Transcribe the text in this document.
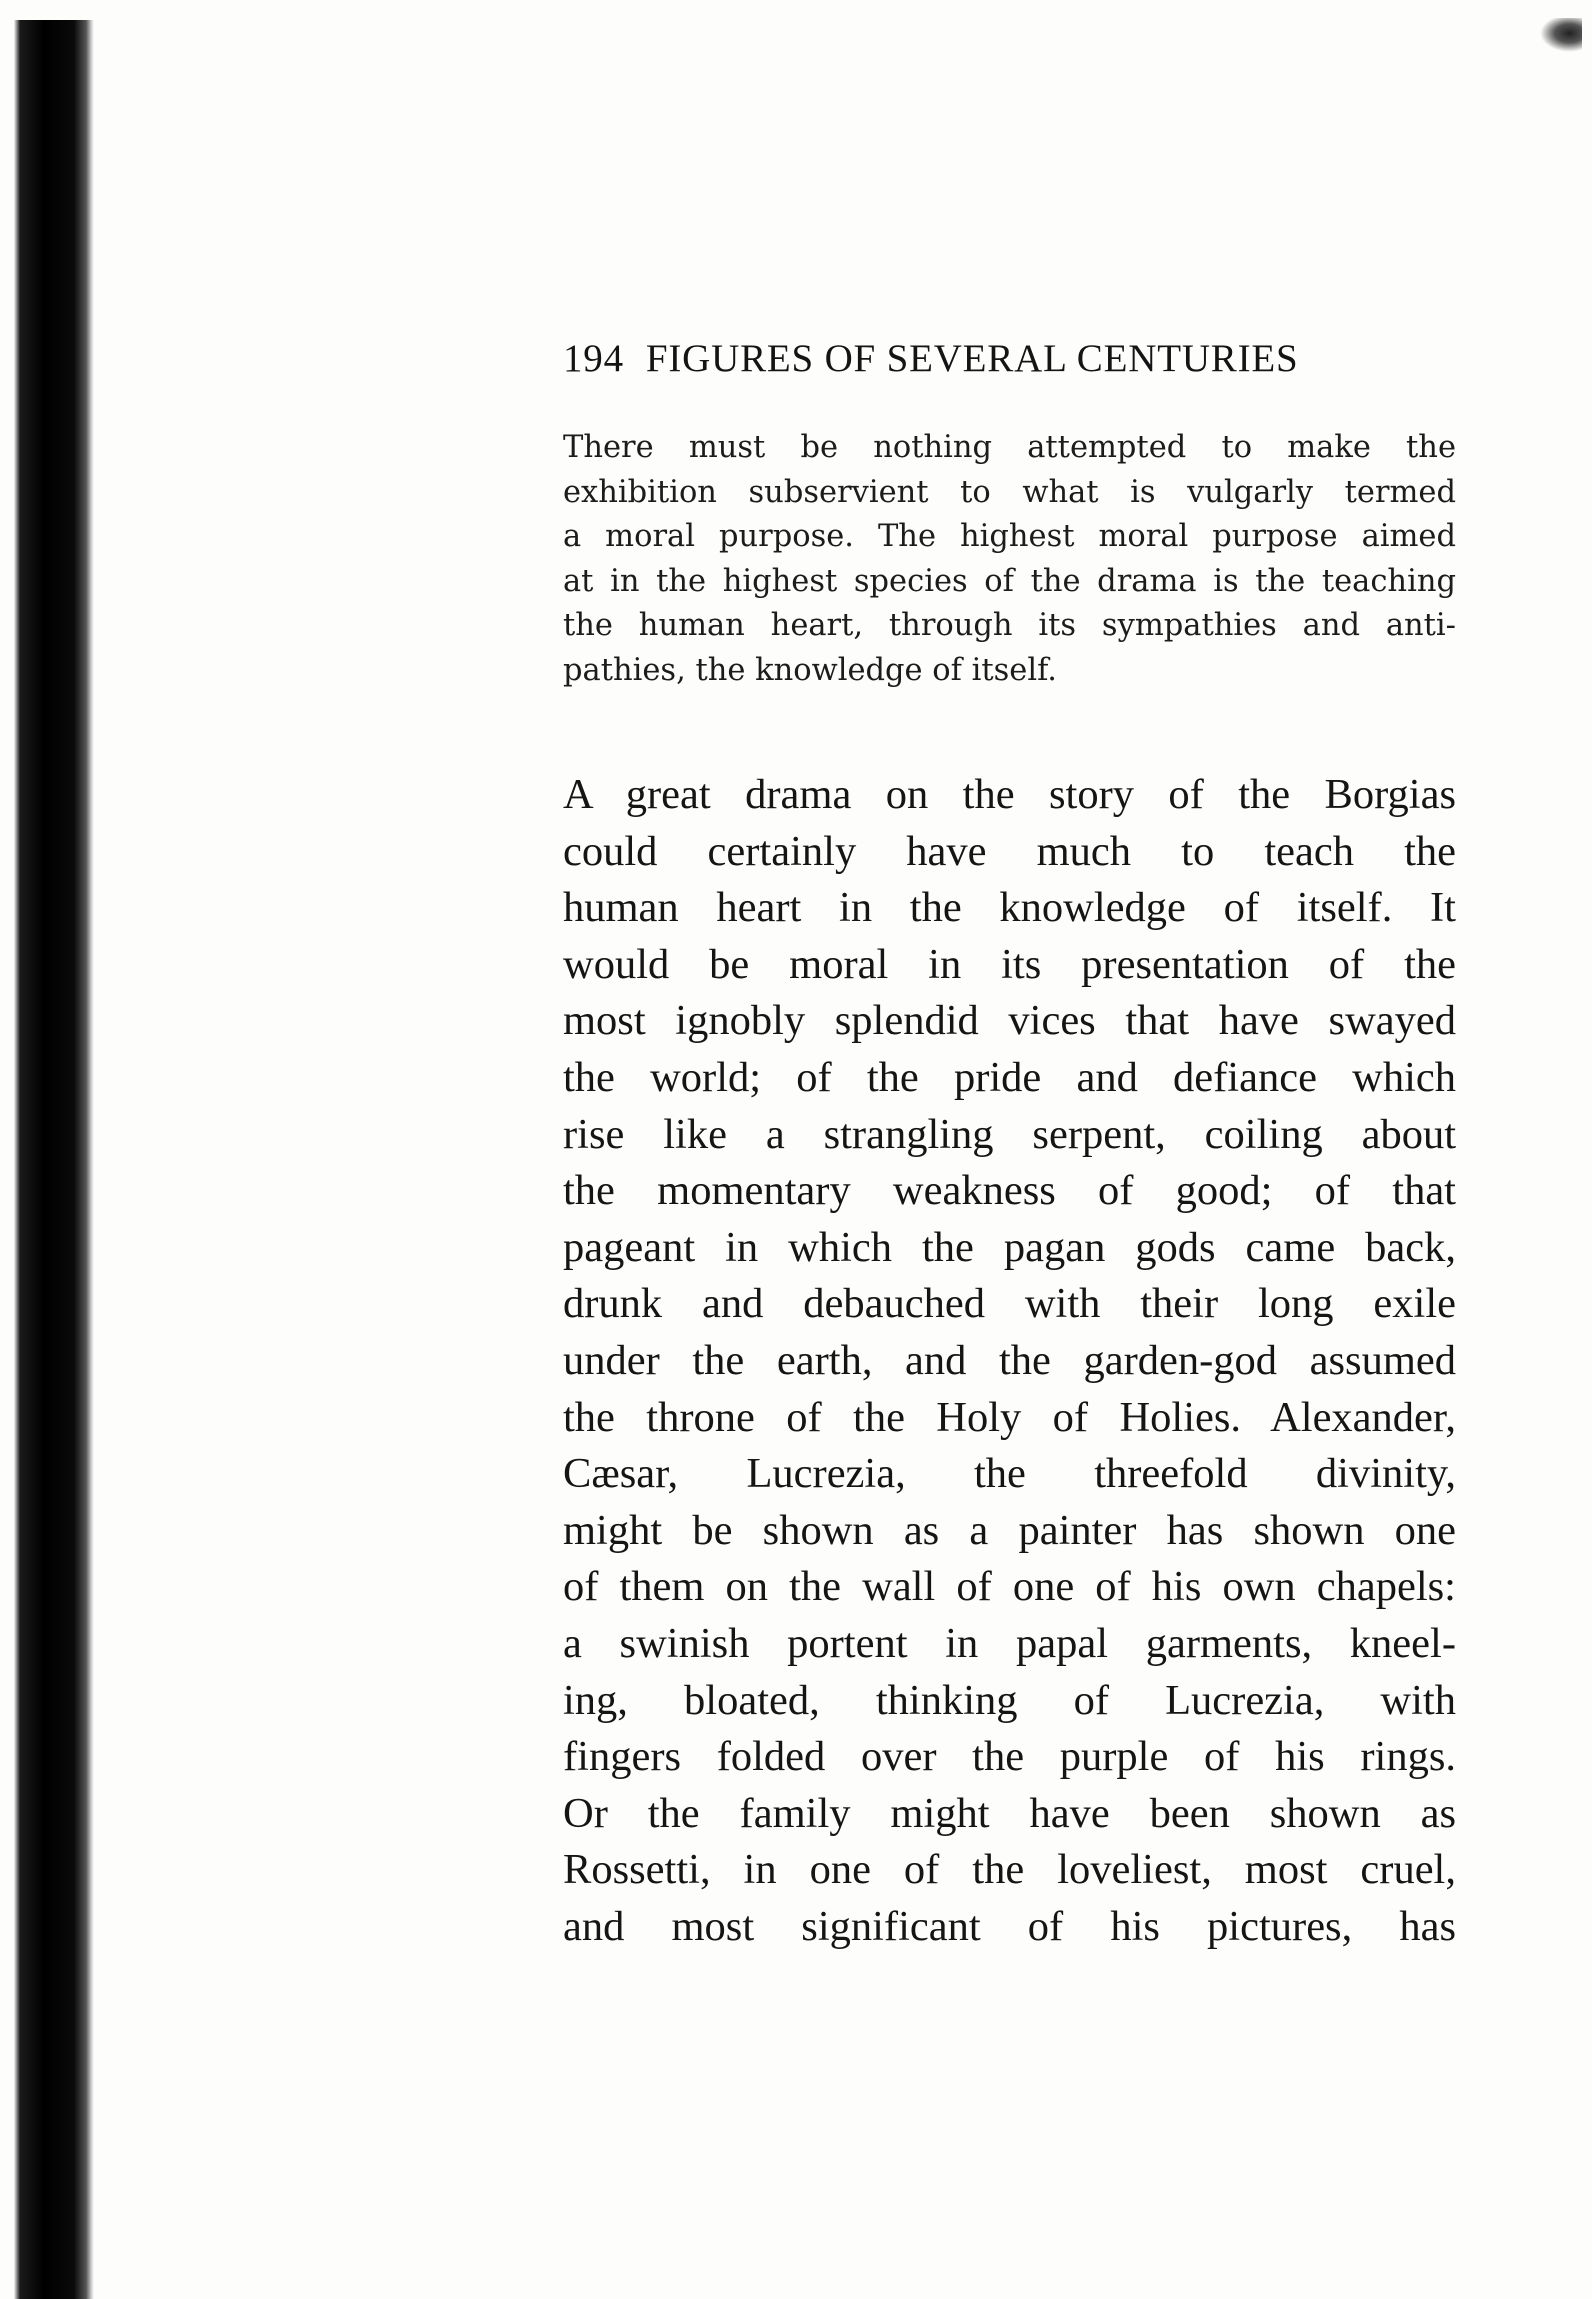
194 FIGURES OF SEVERAL CENTURIES
There must be nothing attempted to make the
exhibition subservient to what is vulgarly termed
a moral purpose. The highest moral purpose aimed
at in the highest species of the drama is the teaching
the human heart, through its sympathies and anti-
pathies, the knowledge of itself.
A great drama on the story of the Borgias
could certainly have much to teach the
human heart in the knowledge of itself. It
would be moral in its presentation of the
most ignobly splendid vices that have swayed
the world; of the pride and defiance which
rise like a strangling serpent, coiling about
the momentary weakness of good; of that
pageant in which the pagan gods came back,
drunk and debauched with their long exile
under the earth, and the garden-god assumed
the throne of the Holy of Holies. Alexander,
Cæsar, Lucrezia, the threefold divinity,
might be shown as a painter has shown one
of them on the wall of one of his own chapels:
a swinish portent in papal garments, kneel-
ing, bloated, thinking of Lucrezia, with
fingers folded over the purple of his rings.
Or the family might have been shown as
Rossetti, in one of the loveliest, most cruel,
and most significant of his pictures, has
